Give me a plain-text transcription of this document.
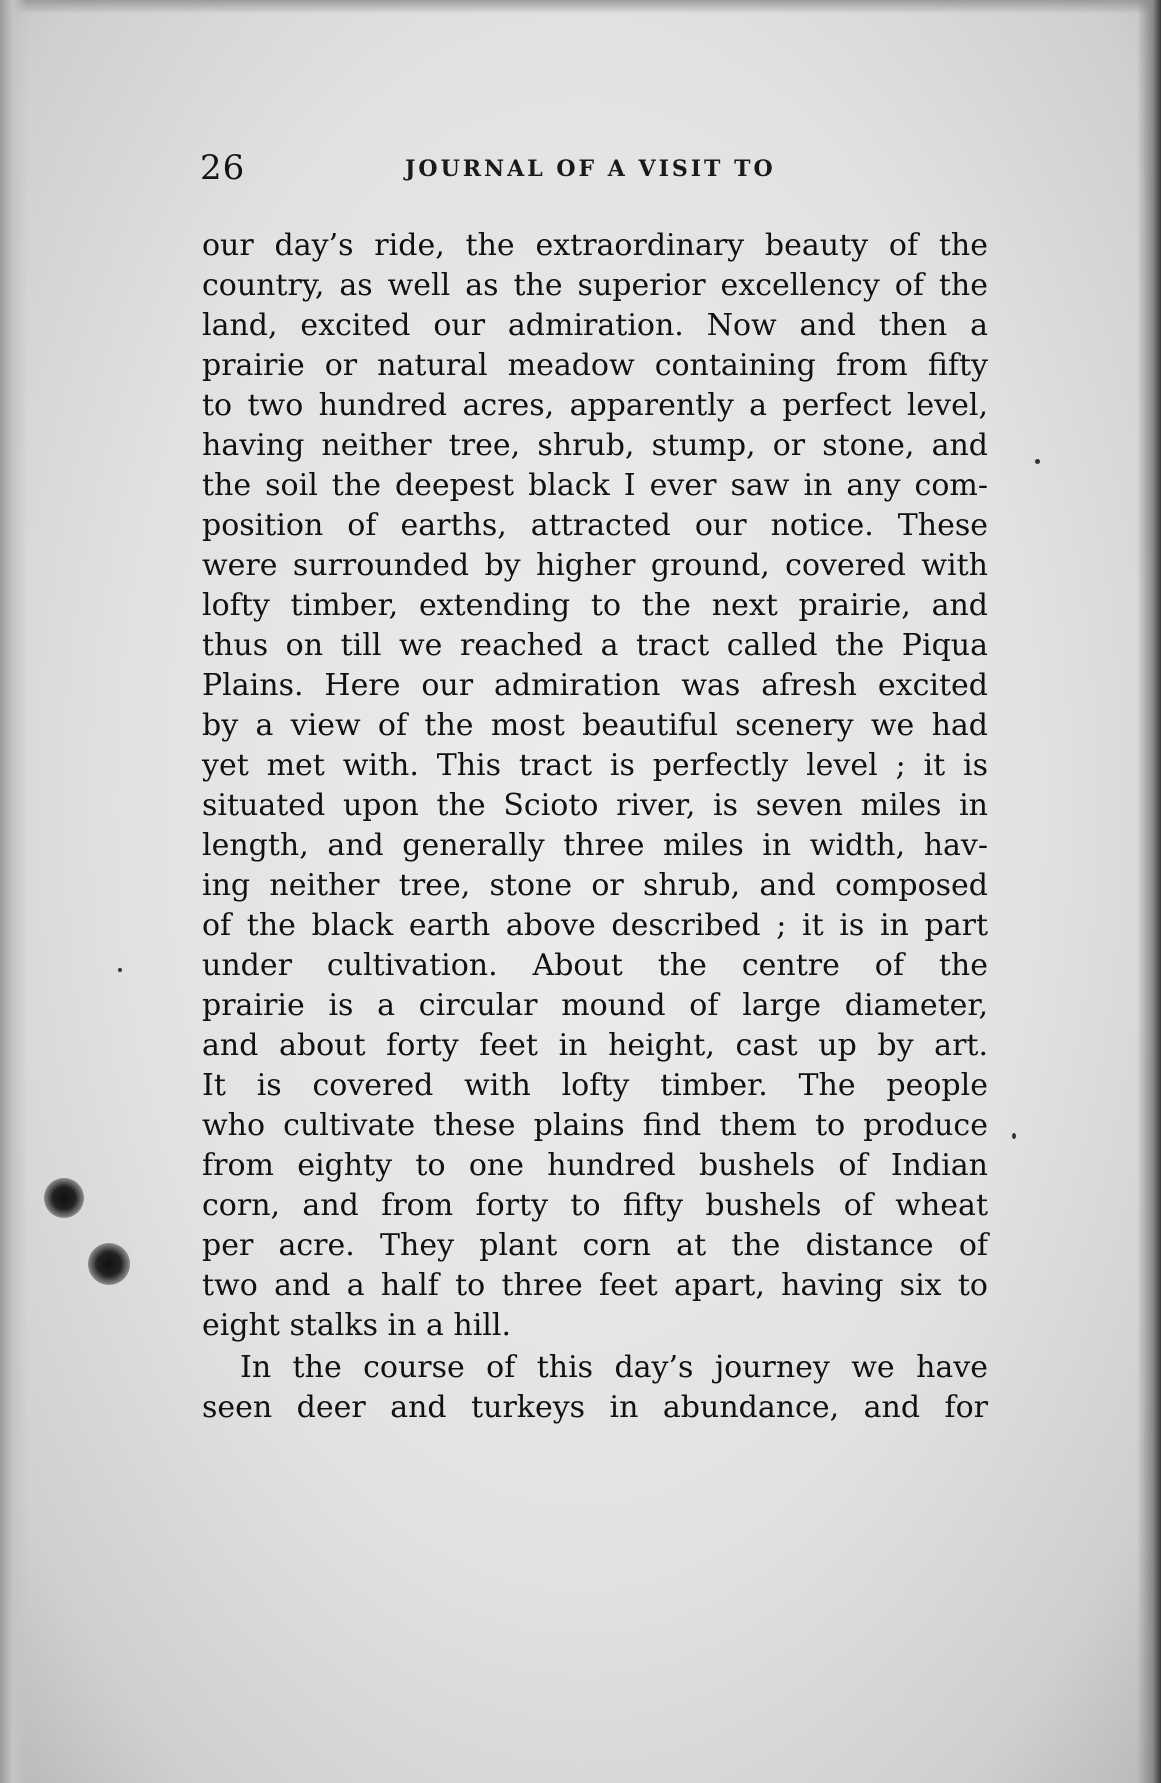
26	JOURNAL OF A VISIT TO
our day’s ride, the extraordinary beauty of the
country, as well as the superior excellency of the
land, excited our admiration. Now and then a
prairie or natural meadow containing from fifty
to two hundred acres, apparently a perfect level,
having neither tree, shrub, stump, or stone, and
the soil the deepest black I ever saw in any com-
position of earths, attracted our notice. These
were surrounded by higher ground, covered with
lofty timber, extending to the next prairie, and
thus on till we reached a tract called the Piqua
Plains. Here our admiration was afresh excited
by a view of the most beautiful scenery we had
yet met with. This tract is perfectly level ; it is
situated upon the Scioto river, is seven miles in
length, and generally three miles in width, hav-
ing neither tree, stone or shrub, and composed
of the black earth above described ; it is in part
under cultivation. About the centre of the
prairie is a circular mound of large diameter,
and about forty feet in height, cast up by art.
It is covered with lofty timber. The people
who cultivate these plains find them to produce
from eighty to one hundred bushels of Indian
corn, and from forty to fifty bushels of wheat
per acre. They plant corn at the distance of
two and a half to three feet apart, having six to
eight stalks in a hill.
In the course of this day’s journey we have
seen deer and turkeys in abundance, and for
